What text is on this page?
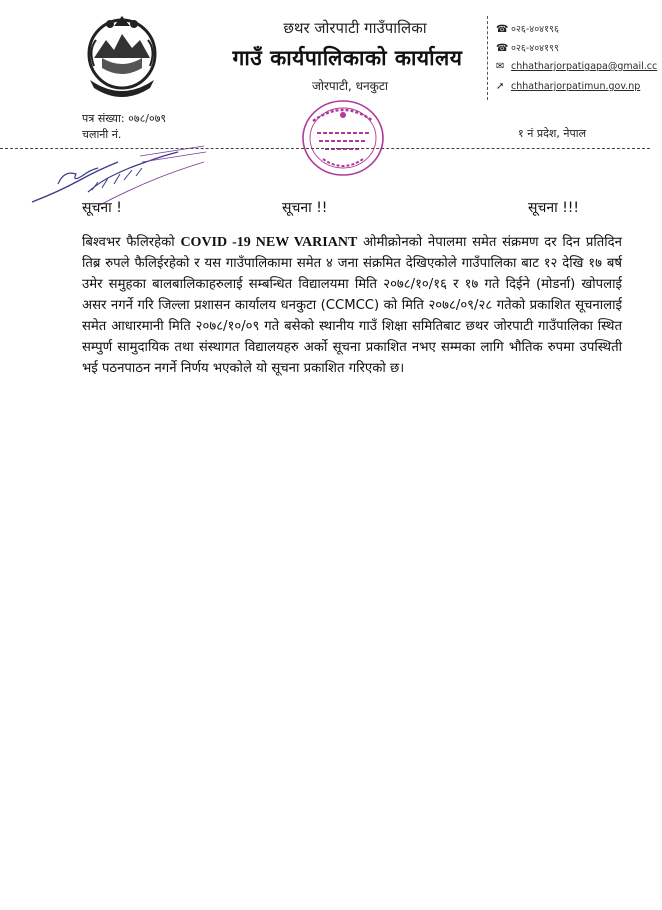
छथर जोरपाटी गाउँपालिका
गाउँ कार्यपालिकाको कार्यालय
जोरपाटी, धनकुटा
☎ ०२६-४०४१९६
☎ ०२६-४०४१९९
✉ chhatharjorpatigapa@gmail.cc
➚ chhatharjorpatimun.gov.np
पत्र संख्या: ०७८/०७९
चलानी नं.	१ नं प्रदेश, नेपाल
सूचना !	सूचना !!	सूचना !!!
बिश्वभर फैलिरहेको COVID -19 NEW VARIANT ओमीक्रोनको नेपालमा समेत संक्रमण दर दिन प्रतिदिन तिब्र रुपले फैलिईरहेको र यस गाउँपालिकामा समेत ४ जना संक्रमित देखिएकोले गाउँपालिका बाट १२ देखि १७ बर्ष उमेर समुहका बालबालिकाहरुलाई सम्बन्धित विद्यालयमा मिति २०७८/१०/१६ र १७ गते दिईने (मोडर्ना) खोपलाई असर नगर्ने गरि जिल्ला प्रशासन कार्यालय धनकुटा (CCMCC) को मिति २०७८/०९/२८ गतेको प्रकाशित सूचनालाई समेत आधारमानी मिति २०७८/१०/०९ गते बसेको स्थानीय गाउँ शिक्षा समितिबाट छथर जोरपाटी गाउँपालिका स्थित सम्पुर्ण सामुदायिक तथा संस्थागत विद्यालयहरु अर्को सूचना प्रकाशित नभए सम्मका लागि भौतिक रुपमा उपस्थिती भई पठनपाठन नगर्ने निर्णय भएकोले यो सूचना प्रकाशित गरिएको छ।
